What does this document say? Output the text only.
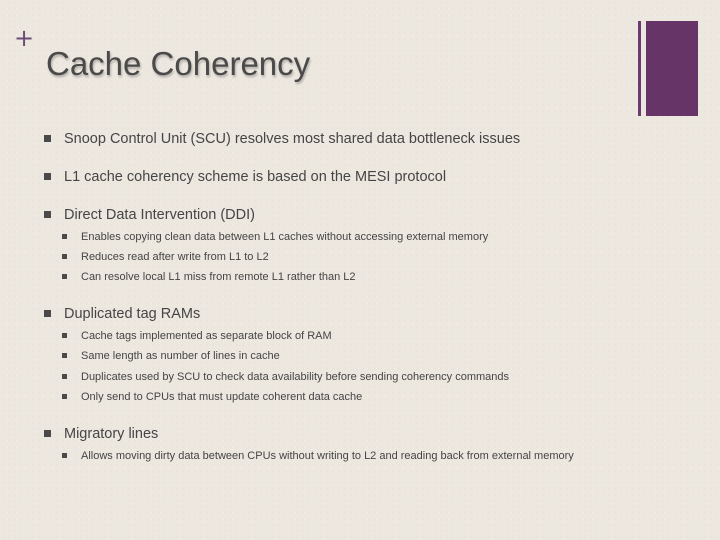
+
Cache Coherency
Snoop Control Unit (SCU) resolves most shared data bottleneck issues
L1 cache coherency scheme is based on the MESI protocol
Direct Data Intervention (DDI)
Enables copying clean data between L1 caches without accessing external memory
Reduces read after write from L1 to L2
Can resolve local L1 miss from remote L1 rather than L2
Duplicated tag RAMs
Cache tags implemented as separate block of RAM
Same length as number of lines in cache
Duplicates used by SCU to check data availability before sending coherency commands
Only send to CPUs that must update coherent data cache
Migratory lines
Allows moving dirty data between CPUs without writing to L2 and reading back from external memory
